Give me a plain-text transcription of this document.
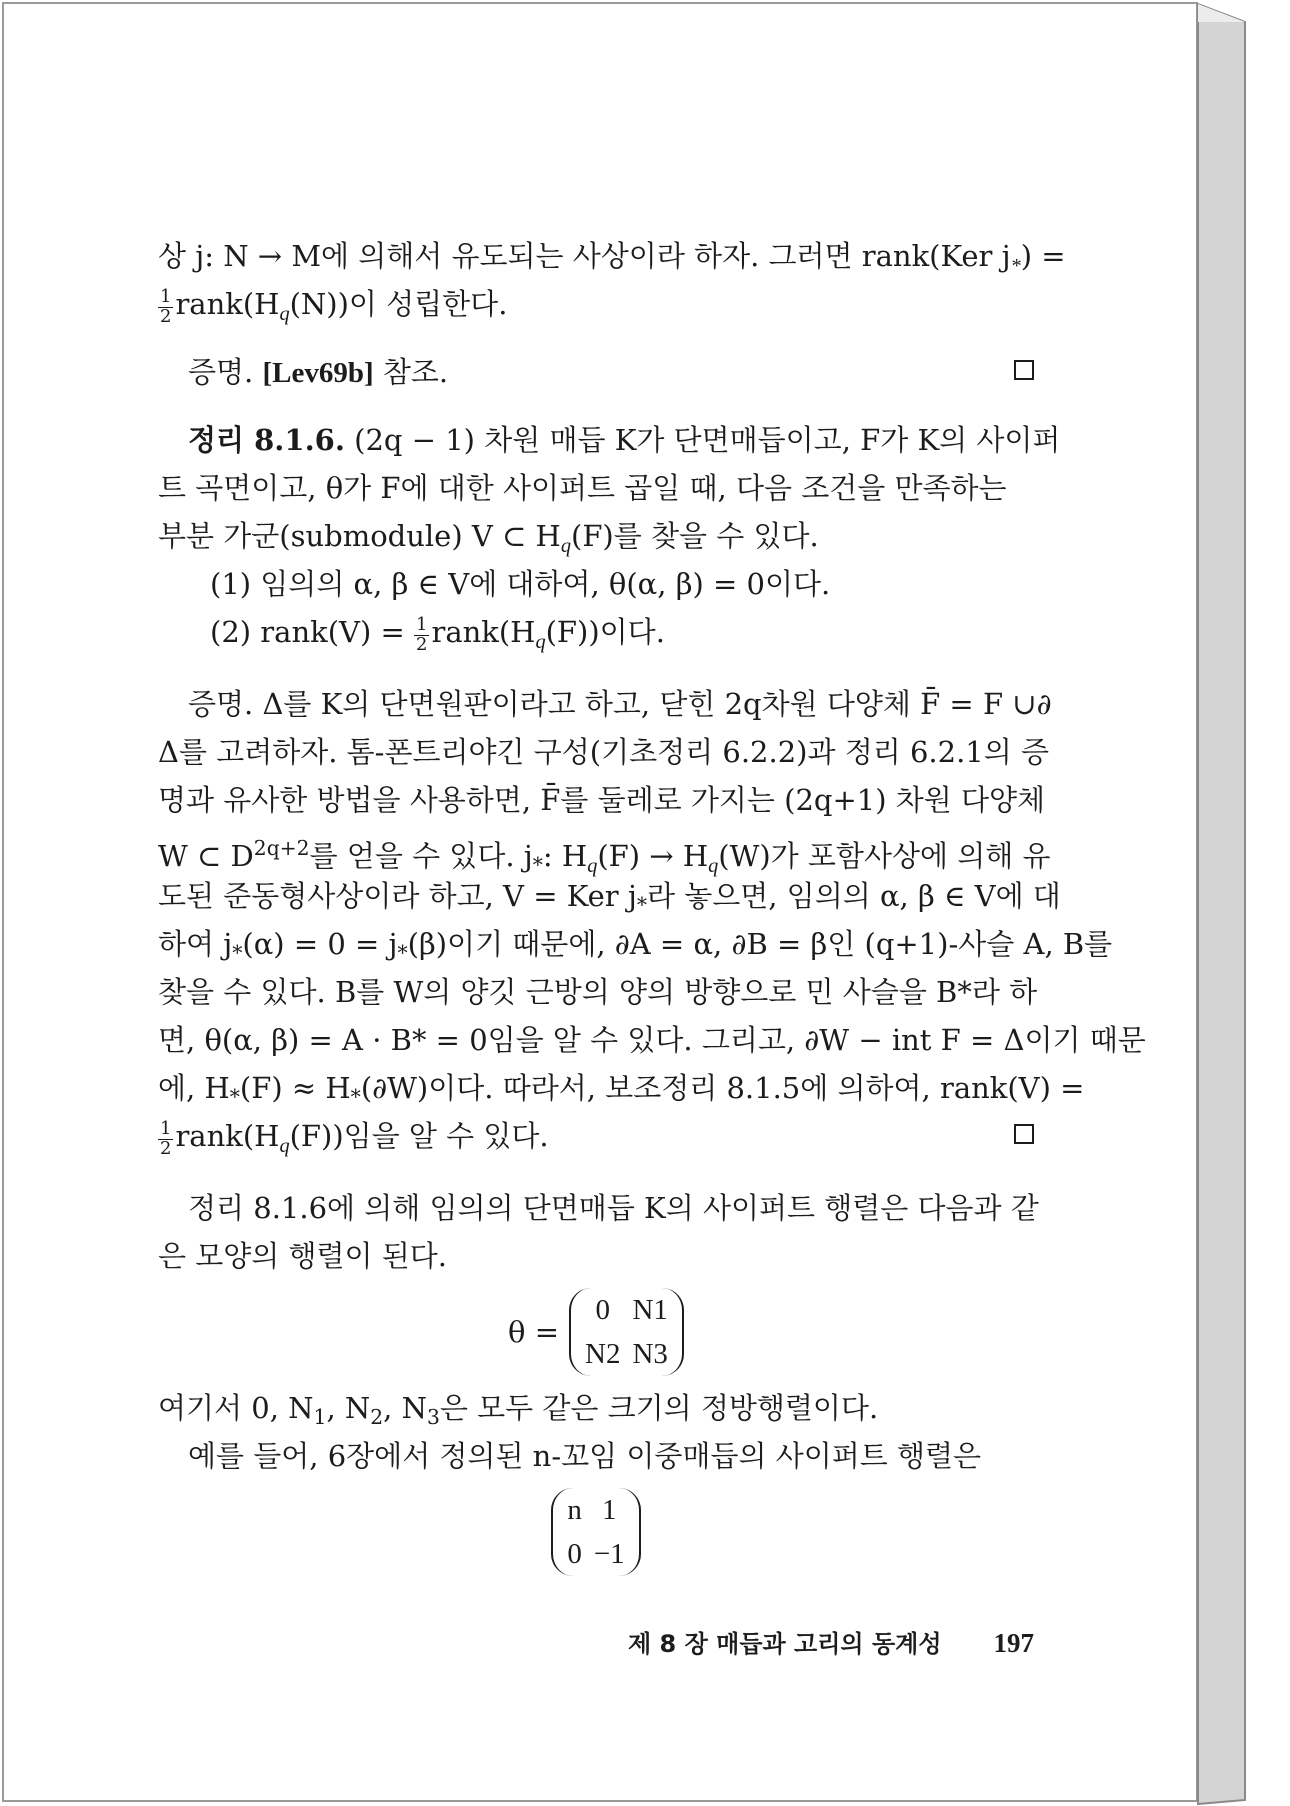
상 j: N → M에 의해서 유도되는 사상이라 하자. 그러면 rank(Ker $j_*$) =
$\frac{1}{2}$ $rank(H_q(N))$이 성립한다.
증명. [Lev69b] 참조.
정리 8.1.6. (2q − 1) 차원 매듭 K가 단면매듭이고, F가 K의 사이퍼
트 곡면이고, θ가 F에 대한 사이퍼트 곱일 때, 다음 조건을 만족하는
부분 가군(submodule) V ⊂ $H_q(F)$를 찾을 수 있다.
(1) 임의의 α, β ∈ V에 대하여, θ(α, β) = 0이다.
(2) rank(V) = $\frac{1}{2}$ $rank(H_q(F))$이다.
증명. Δ를 K의 단면원판이라고 하고, 닫힌 2q차원 다양체 F̄ = F ∪∂
Δ를 고려하자. 톰-폰트리야긴 구성(기초정리 6.2.2)과 정리 6.2.1의 증
명과 유사한 방법을 사용하면, F̄를 둘레로 가지는 (2q+1) 차원 다양체
W ⊂ $D^{2q+2}$를 얻을 수 있다. $j_*$: $H_q(F) \to H_q(W)$가 포함사상에 의해 유
도된 준동형사상이라 하고, V = Ker $j_*$라 놓으면, 임의의 α, β ∈ V에 대
하여 $j_*(\alpha) = 0 = j_*(\beta)$이기 때문에, ∂A = α, ∂B = β인 (q+1)-사슬 A, B를
찾을 수 있다. B를 W의 양깃 근방의 양의 방향으로 민 사슬을 B*라 하
면, θ(α, β) = A · B* = 0임을 알 수 있다. 그리고, ∂W − int F = Δ이기 때문
에, $H_*(F) \approx H_*(\partial W)$이다. 따라서, 보조정리 8.1.5에 의하여, rank(V) =
$\frac{1}{2}$ $rank(H_q(F))$임을 알 수 있다.
정리 8.1.6에 의해 임의의 단면매듭 K의 사이퍼트 행렬은 다음과 같
은 모양의 행렬이 된다.
θ =
0 N1
N2 N3
여기서 0, $N_1$, $N_2$, $N_3$은 모두 같은 크기의 정방행렬이다.
예를 들어, 6장에서 정의된 n-꼬임 이중매듭의 사이퍼트 행렬은
n 1
0 −1
제 8 장 매듭과 고리의 동계성 197
